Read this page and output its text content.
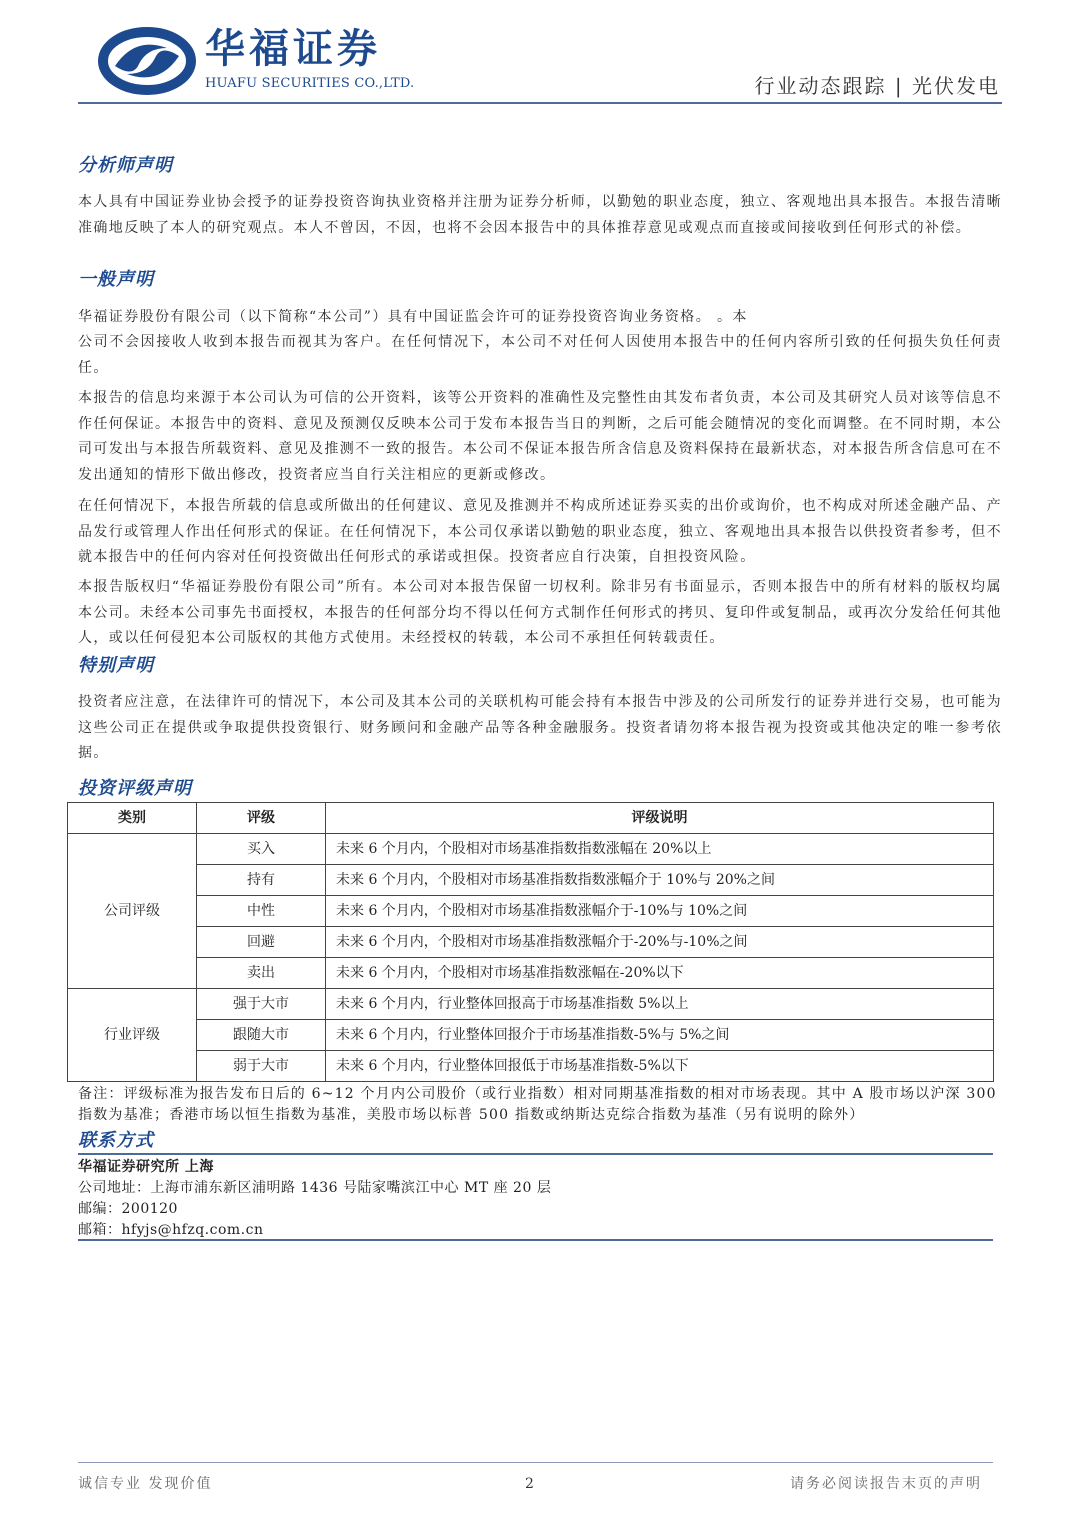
华福证券
HUAFU SECURITIES CO.,LTD.	行业动态跟踪 | 光伏发电
分析师声明
本人具有中国证券业协会授予的证券投资咨询执业资格并注册为证券分析师，以勤勉的职业态度，独立、客观地出具本报告。本报告清晰准确地反映了本人的研究观点。本人不曾因，不因，也将不会因本报告中的具体推荐意见或观点而直接或间接收到任何形式的补偿。
一般声明
华福证券股份有限公司（以下简称“本公司”）具有中国证监会许可的证券投资咨询业务资格。 。本
公司不会因接收人收到本报告而视其为客户。在任何情况下，本公司不对任何人因使用本报告中的任何内容所引致的任何损失负任何责任。
本报告的信息均来源于本公司认为可信的公开资料，该等公开资料的准确性及完整性由其发布者负责，本公司及其研究人员对该等信息不作任何保证。本报告中的资料、意见及预测仅反映本公司于发布本报告当日的判断，之后可能会随情况的变化而调整。在不同时期，本公司可发出与本报告所载资料、意见及推测不一致的报告。本公司不保证本报告所含信息及资料保持在最新状态，对本报告所含信息可在不发出通知的情形下做出修改，投资者应当自行关注相应的更新或修改。
在任何情况下，本报告所载的信息或所做出的任何建议、意见及推测并不构成所述证券买卖的出价或询价，也不构成对所述金融产品、产品发行或管理人作出任何形式的保证。在任何情况下，本公司仅承诺以勤勉的职业态度，独立、客观地出具本报告以供投资者参考，但不就本报告中的任何内容对任何投资做出任何形式的承诺或担保。投资者应自行决策，自担投资风险。
本报告版权归“华福证券股份有限公司”所有。本公司对本报告保留一切权利。除非另有书面显示，否则本报告中的所有材料的版权均属本公司。未经本公司事先书面授权，本报告的任何部分均不得以任何方式制作任何形式的拷贝、复印件或复制品，或再次分发给任何其他人，或以任何侵犯本公司版权的其他方式使用。未经授权的转载，本公司不承担任何转载责任。
特别声明
投资者应注意，在法律许可的情况下，本公司及其本公司的关联机构可能会持有本报告中涉及的公司所发行的证券并进行交易，也可能为这些公司正在提供或争取提供投资银行、财务顾问和金融产品等各种金融服务。投资者请勿将本报告视为投资或其他决定的唯一参考依据。
投资评级声明
类别	评级	评级说明
公司评级	买入	未来 6 个月内，个股相对市场基准指数指数涨幅在 20%以上
	持有	未来 6 个月内，个股相对市场基准指数指数涨幅介于 10%与 20%之间
	中性	未来 6 个月内，个股相对市场基准指数涨幅介于-10%与 10%之间
	回避	未来 6 个月内，个股相对市场基准指数涨幅介于-20%与-10%之间
	卖出	未来 6 个月内，个股相对市场基准指数涨幅在-20%以下
行业评级	强于大市	未来 6 个月内，行业整体回报高于市场基准指数 5%以上
	跟随大市	未来 6 个月内，行业整体回报介于市场基准指数-5%与 5%之间
	弱于大市	未来 6 个月内，行业整体回报低于市场基准指数-5%以下
备注：评级标准为报告发布日后的 6~12 个月内公司股价（或行业指数）相对同期基准指数的相对市场表现。其中 A 股市场以沪深 300 指数为基准；香港市场以恒生指数为基准，美股市场以标普 500 指数或纳斯达克综合指数为基准（另有说明的除外）
联系方式
华福证券研究所 上海
公司地址：上海市浦东新区浦明路 1436 号陆家嘴滨江中心 MT 座 20 层
邮编：200120
邮箱：hfyjs@hfzq.com.cn
诚信专业 发现价值	2	请务必阅读报告末页的声明
